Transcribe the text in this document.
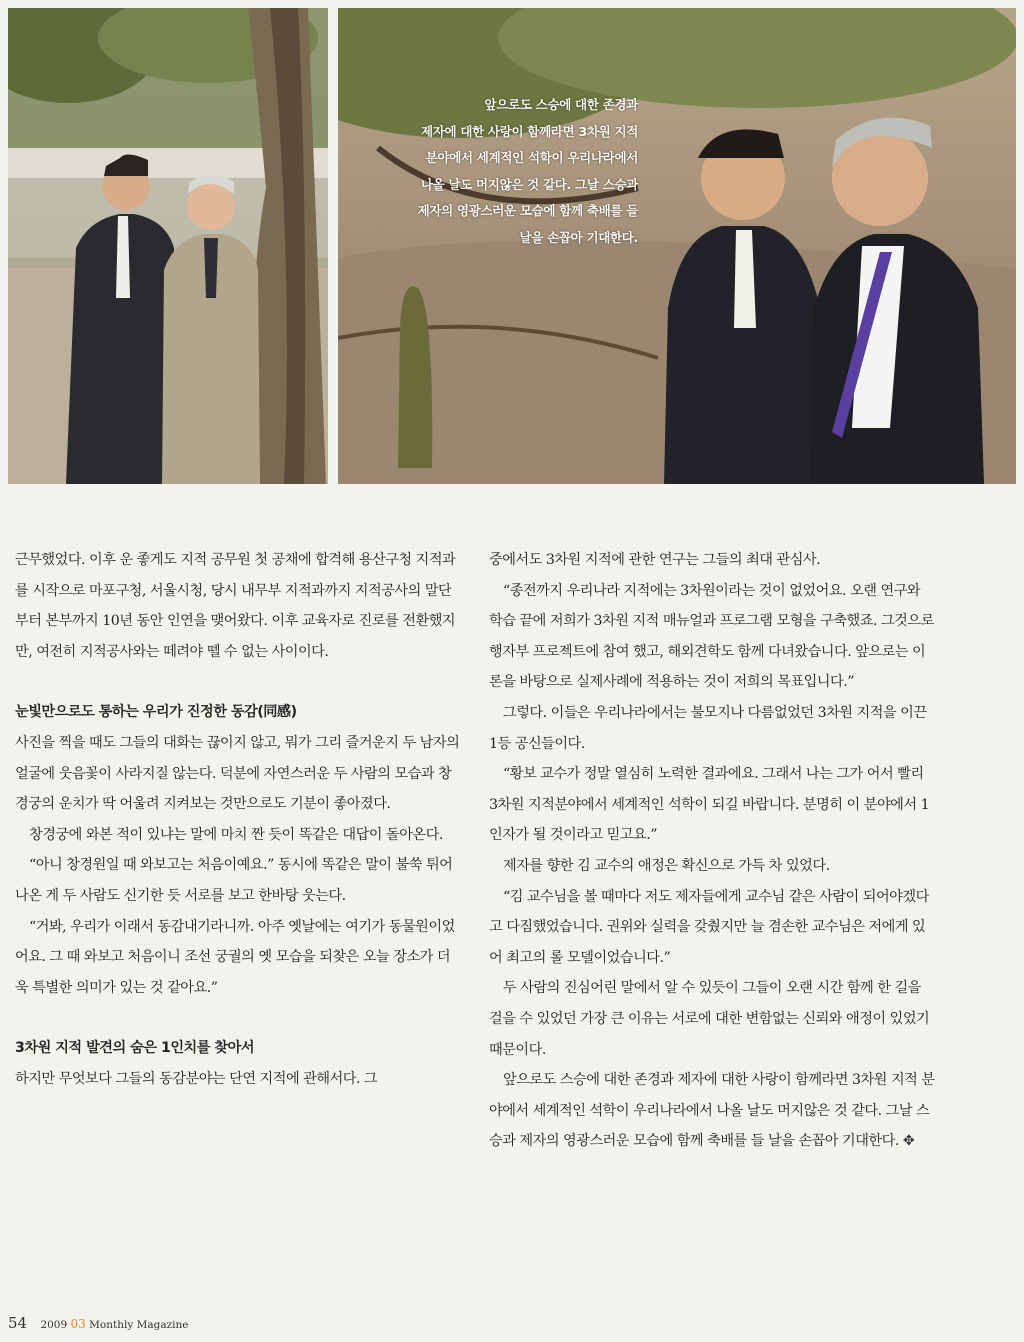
앞으로도 스승에 대한 존경과
제자에 대한 사랑이 함께라면 3차원 지적
분야에서 세계적인 석학이 우리나라에서
나올 날도 머지않은 것 같다. 그날 스승과
제자의 영광스러운 모습에 함께 축배를 들
날을 손꼽아 기대한다.

근무했었다. 이후 운 좋게도 지적 공무원 첫 공채에 합격해 용산구청 지적과를 시작으로 마포구청, 서울시청, 당시 내무부 지적과까지 지적공사의 말단부터 본부까지 10년 동안 인연을 맺어왔다. 이후 교육자로 진로를 전환했지만, 여전히 지적공사와는 떼려야 뗄 수 없는 사이이다.

눈빛만으로도 통하는 우리가 진정한 동감(同感)

사진을 찍을 때도 그들의 대화는 끊이지 않고, 뭐가 그리 즐거운지 두 남자의 얼굴에 웃음꽃이 사라지질 않는다. 덕분에 자연스러운 두 사람의 모습과 창경궁의 운치가 딱 어울려 지켜보는 것만으로도 기분이 좋아졌다.

창경궁에 와본 적이 있냐는 말에 마치 짠 듯이 똑같은 대답이 돌아온다.

“아니 창경원일 때 와보고는 처음이예요.” 동시에 똑같은 말이 불쑥 튀어 나온 게 두 사람도 신기한 듯 서로를 보고 한바탕 웃는다.

“거봐, 우리가 이래서 동감내기라니까. 아주 옛날에는 여기가 동물원이었어요. 그 때 와보고 처음이니 조선 궁궐의 옛 모습을 되찾은 오늘 장소가 더욱 특별한 의미가 있는 것 같아요.”

3차원 지적 발견의 숨은 1인치를 찾아서

하지만 무엇보다 그들의 동감분야는 단연 지적에 관해서다. 그

중에서도 3차원 지적에 관한 연구는 그들의 최대 관심사.

“종전까지 우리나라 지적에는 3차원이라는 것이 없었어요. 오랜 연구와 학습 끝에 저희가 3차원 지적 매뉴얼과 프로그램 모형을 구축했죠. 그것으로 행자부 프로젝트에 참여 했고, 해외견학도 함께 다녀왔습니다. 앞으로는 이론을 바탕으로 실제사례에 적용하는 것이 저희의 목표입니다.”

그렇다. 이들은 우리나라에서는 불모지나 다름없었던 3차원 지적을 이끈 1등 공신들이다.

“황보 교수가 정말 열심히 노력한 결과에요. 그래서 나는 그가 어서 빨리 3차원 지적분야에서 세계적인 석학이 되길 바랍니다. 분명히 이 분야에서 1인자가 될 것이라고 믿고요.”

제자를 향한 김 교수의 애정은 확신으로 가득 차 있었다.

“김 교수님을 볼 때마다 저도 제자들에게 교수님 같은 사람이 되어야겠다고 다짐했었습니다. 권위와 실력을 갖췄지만 늘 겸손한 교수님은 저에게 있어 최고의 롤 모델이었습니다.”

두 사람의 진심어린 말에서 알 수 있듯이 그들이 오랜 시간 함께 한 길을 걸을 수 있었던 가장 큰 이유는 서로에 대한 변함없는 신뢰와 애정이 있었기 때문이다.

앞으로도 스승에 대한 존경과 제자에 대한 사랑이 함께라면 3차원 지적 분야에서 세계적인 석학이 우리나라에서 나올 날도 머지않은 것 같다. 그날 스승과 제자의 영광스러운 모습에 함께 축배를 들 날을 손꼽아 기대한다. ✥

54 2009 03 Monthly Magazine
